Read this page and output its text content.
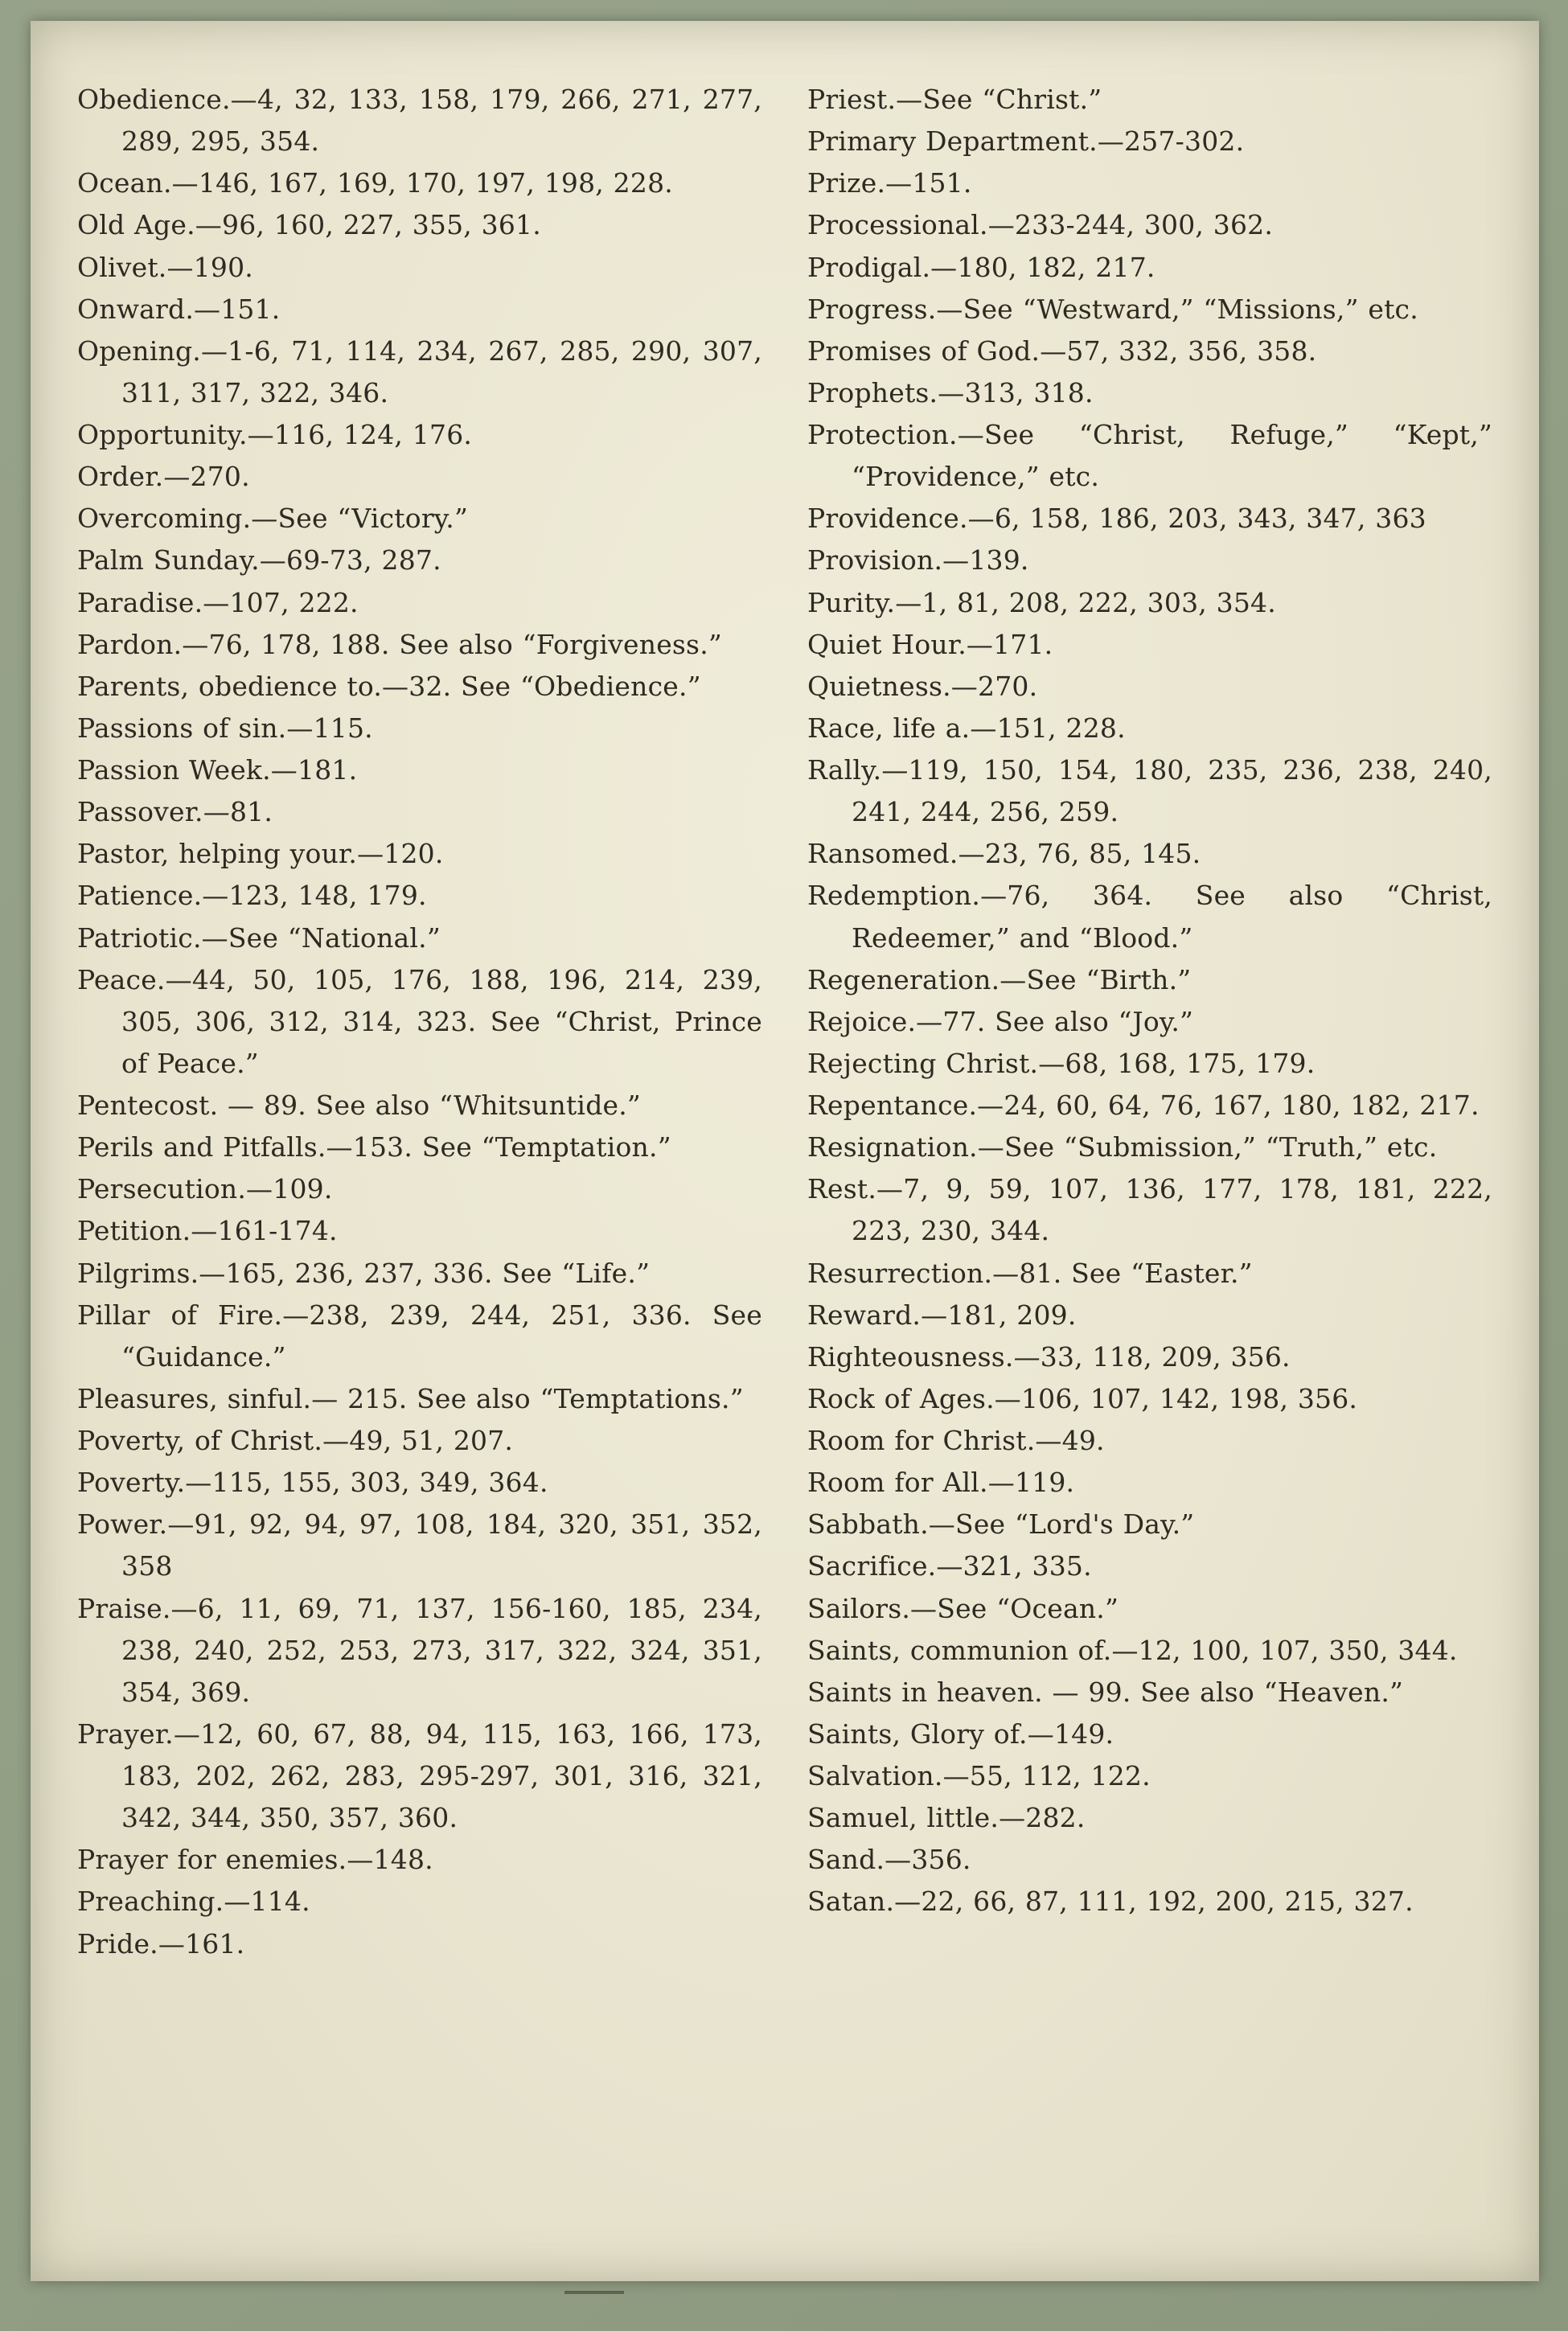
Obedience.—4, 32, 133, 158, 179, 266, 271, 277, 289, 295, 354.

Ocean.—146, 167, 169, 170, 197, 198, 228.

Old Age.—96, 160, 227, 355, 361.

Olivet.—190.

Onward.—151.

Opening.—1-6, 71, 114, 234, 267, 285, 290, 307, 311, 317, 322, 346.

Opportunity.—116, 124, 176.

Order.—270.

Overcoming.—See “Victory.”

Palm Sunday.—69-73, 287.

Paradise.—107, 222.

Pardon.—76, 178, 188. See also “Forgiveness.”

Parents, obedience to.—32. See “Obedience.”

Passions of sin.—115.

Passion Week.—181.

Passover.—81.

Pastor, helping your.—120.

Patience.—123, 148, 179.

Patriotic.—See “National.”

Peace.—44, 50, 105, 176, 188, 196, 214, 239, 305, 306, 312, 314, 323. See “Christ, Prince of Peace.”

Pentecost. — 89. See also “Whitsuntide.”

Perils and Pitfalls.—153. See “Temptation.”

Persecution.—109.

Petition.—161-174.

Pilgrims.—165, 236, 237, 336. See “Life.”

Pillar of Fire.—238, 239, 244, 251, 336. See “Guidance.”

Pleasures, sinful.— 215. See also “Temptations.”

Poverty, of Christ.—49, 51, 207.

Poverty.—115, 155, 303, 349, 364.

Power.—91, 92, 94, 97, 108, 184, 320, 351, 352, 358

Praise.—6, 11, 69, 71, 137, 156-160, 185, 234, 238, 240, 252, 253, 273, 317, 322, 324, 351, 354, 369.

Prayer.—12, 60, 67, 88, 94, 115, 163, 166, 173, 183, 202, 262, 283, 295-297, 301, 316, 321, 342, 344, 350, 357, 360.

Prayer for enemies.—148.

Preaching.—114.

Pride.—161.

Priest.—See “Christ.”

Primary Department.—257-302.

Prize.—151.

Processional.—233-244, 300, 362.

Prodigal.—180, 182, 217.

Progress.—See “Westward,” “Missions,” etc.

Promises of God.—57, 332, 356, 358.

Prophets.—313, 318.

Protection.—See “Christ, Refuge,” “Kept,” “Providence,” etc.

Providence.—6, 158, 186, 203, 343, 347, 363

Provision.—139.

Purity.—1, 81, 208, 222, 303, 354.

Quiet Hour.—171.

Quietness.—270.

Race, life a.—151, 228.

Rally.—119, 150, 154, 180, 235, 236, 238, 240, 241, 244, 256, 259.

Ransomed.—23, 76, 85, 145.

Redemption.—76, 364. See also “Christ, Redeemer,” and “Blood.”

Regeneration.—See “Birth.”

Rejoice.—77. See also “Joy.”

Rejecting Christ.—68, 168, 175, 179.

Repentance.—24, 60, 64, 76, 167, 180, 182, 217.

Resignation.—See “Submission,” “Truth,” etc.

Rest.—7, 9, 59, 107, 136, 177, 178, 181, 222, 223, 230, 344.

Resurrection.—81. See “Easter.”

Reward.—181, 209.

Righteousness.—33, 118, 209, 356.

Rock of Ages.—106, 107, 142, 198, 356.

Room for Christ.—49.

Room for All.—119.

Sabbath.—See “Lord's Day.”

Sacrifice.—321, 335.

Sailors.—See “Ocean.”

Saints, communion of.—12, 100, 107, 350, 344.

Saints in heaven. — 99. See also “Heaven.”

Saints, Glory of.—149.

Salvation.—55, 112, 122.

Samuel, little.—282.

Sand.—356.

Satan.—22, 66, 87, 111, 192, 200, 215, 327.
